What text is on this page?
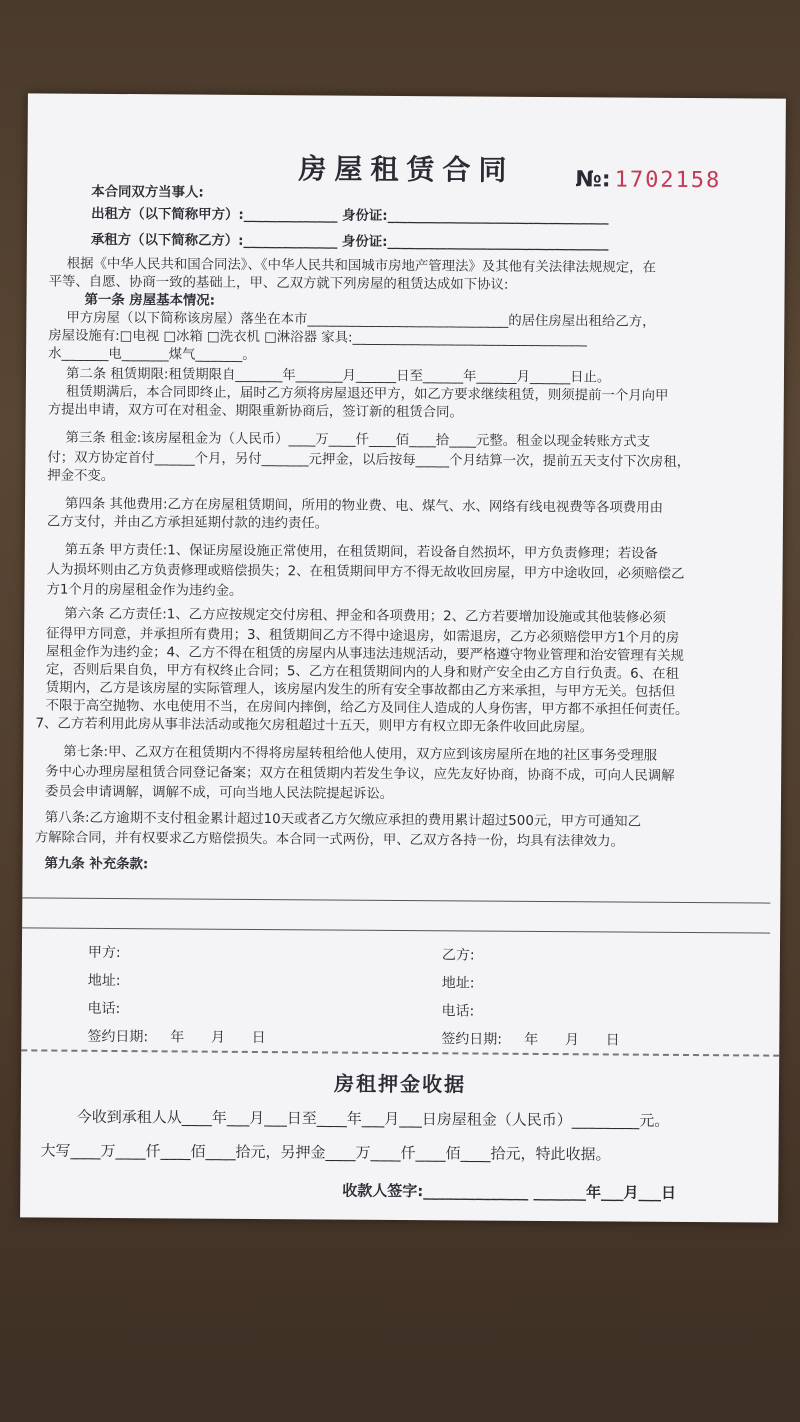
房屋租赁合同	№: 1702158
本合同双方当事人:
出租方（以下简称甲方）:______________ 身份证:_________________________________
承租方（以下简称乙方）:______________ 身份证:_________________________________
根据《中华人民共和国合同法》、《中华人民共和国城市房地产管理法》及其他有关法律法规规定，在
平等、自愿、协商一致的基础上，甲、乙双方就下列房屋的租赁达成如下协议:
第一条 房屋基本情况:
甲方房屋（以下简称该房屋）落坐在本市______________________________的居住房屋出租给乙方，
房屋设施有:□电视 □冰箱 □洗衣机 □淋浴器 家具:___________________________________
水_______电_______煤气_______。
第二条 租赁期限:租赁期限自_______年_______月______日至______年______月______日止。
租赁期满后，本合同即终止，届时乙方须将房屋退还甲方，如乙方要求继续租赁，则须提前一个月向甲
方提出申请，双方可在对租金、期限重新协商后，签订新的租赁合同。
第三条 租金:该房屋租金为（人民币）____万____仟____佰____拾____元整。租金以现金转账方式支
付；双方协定首付______个月，另付_______元押金，以后按每_____个月结算一次，提前五天支付下次房租，
押金不变。
第四条 其他费用:乙方在房屋租赁期间，所用的物业费、电、煤气、水、网络有线电视费等各项费用由
乙方支付，并由乙方承担延期付款的违约责任。
第五条 甲方责任:1、保证房屋设施正常使用，在租赁期间，若设备自然损坏，甲方负责修理；若设备
人为损坏则由乙方负责修理或赔偿损失；2、在租赁期间甲方不得无故收回房屋，甲方中途收回，必须赔偿乙
方1个月的房屋租金作为违约金。
第六条 乙方责任:1、乙方应按规定交付房租、押金和各项费用；2、乙方若要增加设施或其他装修必须
征得甲方同意，并承担所有费用；3、租赁期间乙方不得中途退房，如需退房，乙方必须赔偿甲方1个月的房
屋租金作为违约金；4、乙方不得在租赁的房屋内从事违法违规活动，要严格遵守物业管理和治安管理有关规
定，否则后果自负，甲方有权终止合同；5、乙方在租赁期间内的人身和财产安全由乙方自行负责。6、在租
赁期内，乙方是该房屋的实际管理人，该房屋内发生的所有安全事故都由乙方来承担，与甲方无关。包括但
不限于高空抛物、水电使用不当，在房间内摔倒，给乙方及同住人造成的人身伤害，甲方都不承担任何责任。
7、乙方若利用此房从事非法活动或拖欠房租超过十五天，则甲方有权立即无条件收回此房屋。
第七条:甲、乙双方在租赁期内不得将房屋转租给他人使用，双方应到该房屋所在地的社区事务受理服
务中心办理房屋租赁合同登记备案；双方在租赁期内若发生争议，应先友好协商，协商不成，可向人民调解
委员会申请调解，调解不成，可向当地人民法院提起诉讼。
第八条:乙方逾期不支付租金累计超过10天或者乙方欠缴应承担的费用累计超过500元，甲方可通知乙
方解除合同，并有权要求乙方赔偿损失。本合同一式两份，甲、乙双方各持一份，均具有法律效力。
第九条 补充条款:
甲方:
地址:
电话:
签约日期:     年      月      日
乙方:
地址:
电话:
签约日期:     年      月      日
房租押金收据
今收到承租人从____年___月___日至____年___月___日房屋租金（人民币）_________元。
大写____万____仟____佰____拾元，另押金____万____仟____佰____拾元，特此收据。
收款人签字:______________ _______年___月___日
